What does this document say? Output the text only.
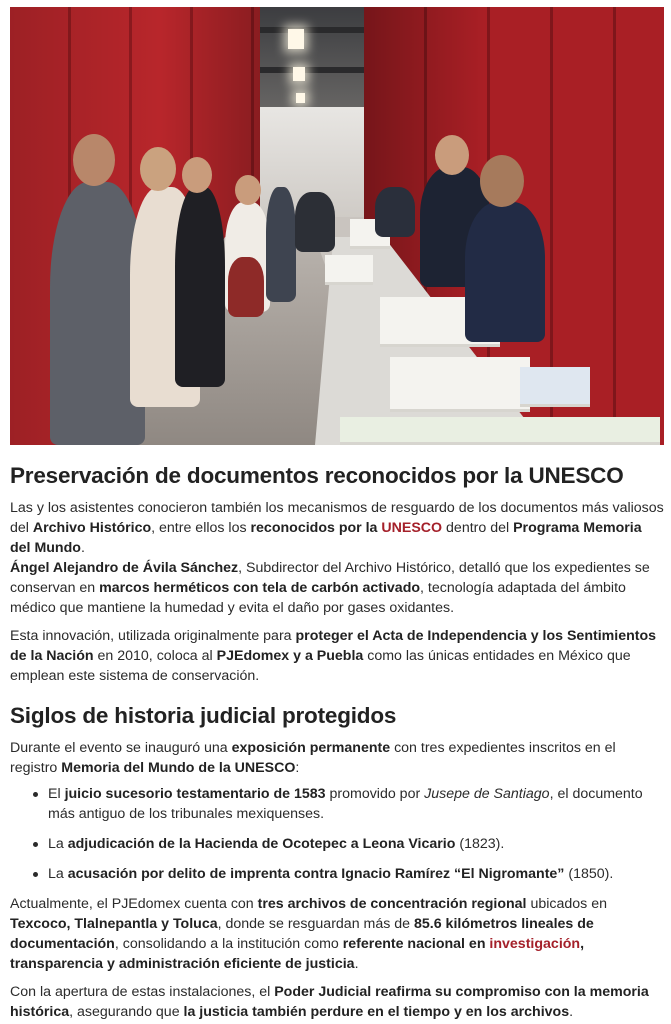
Preservación de documentos reconocidos por la UNESCO

Las y los asistentes conocieron también los mecanismos de resguardo de los documentos más valiosos del Archivo Histórico, entre ellos los reconocidos por la UNESCO dentro del Programa Memoria del Mundo.

Ángel Alejandro de Ávila Sánchez, Subdirector del Archivo Histórico, detalló que los expedientes se conservan en marcos herméticos con tela de carbón activado, tecnología adaptada del ámbito médico que mantiene la humedad y evita el daño por gases oxidantes.

Esta innovación, utilizada originalmente para proteger el Acta de Independencia y los Sentimientos de la Nación en 2010, coloca al PJEdomex y a Puebla como las únicas entidades en México que emplean este sistema de conservación.

Siglos de historia judicial protegidos

Durante el evento se inauguró una exposición permanente con tres expedientes inscritos en el registro Memoria del Mundo de la UNESCO:

El juicio sucesorio testamentario de 1583 promovido por Jusepe de Santiago, el documento más antiguo de los tribunales mexiquenses.
La adjudicación de la Hacienda de Ocotepec a Leona Vicario (1823).
La acusación por delito de imprenta contra Ignacio Ramírez “El Nigromante” (1850).

Actualmente, el PJEdomex cuenta con tres archivos de concentración regional ubicados en Texcoco, Tlalnepantla y Toluca, donde se resguardan más de 85.6 kilómetros lineales de documentación, consolidando a la institución como referente nacional en investigación, transparencia y administración eficiente de justicia.

Con la apertura de estas instalaciones, el Poder Judicial reafirma su compromiso con la memoria histórica, asegurando que la justicia también perdure en el tiempo y en los archivos.
